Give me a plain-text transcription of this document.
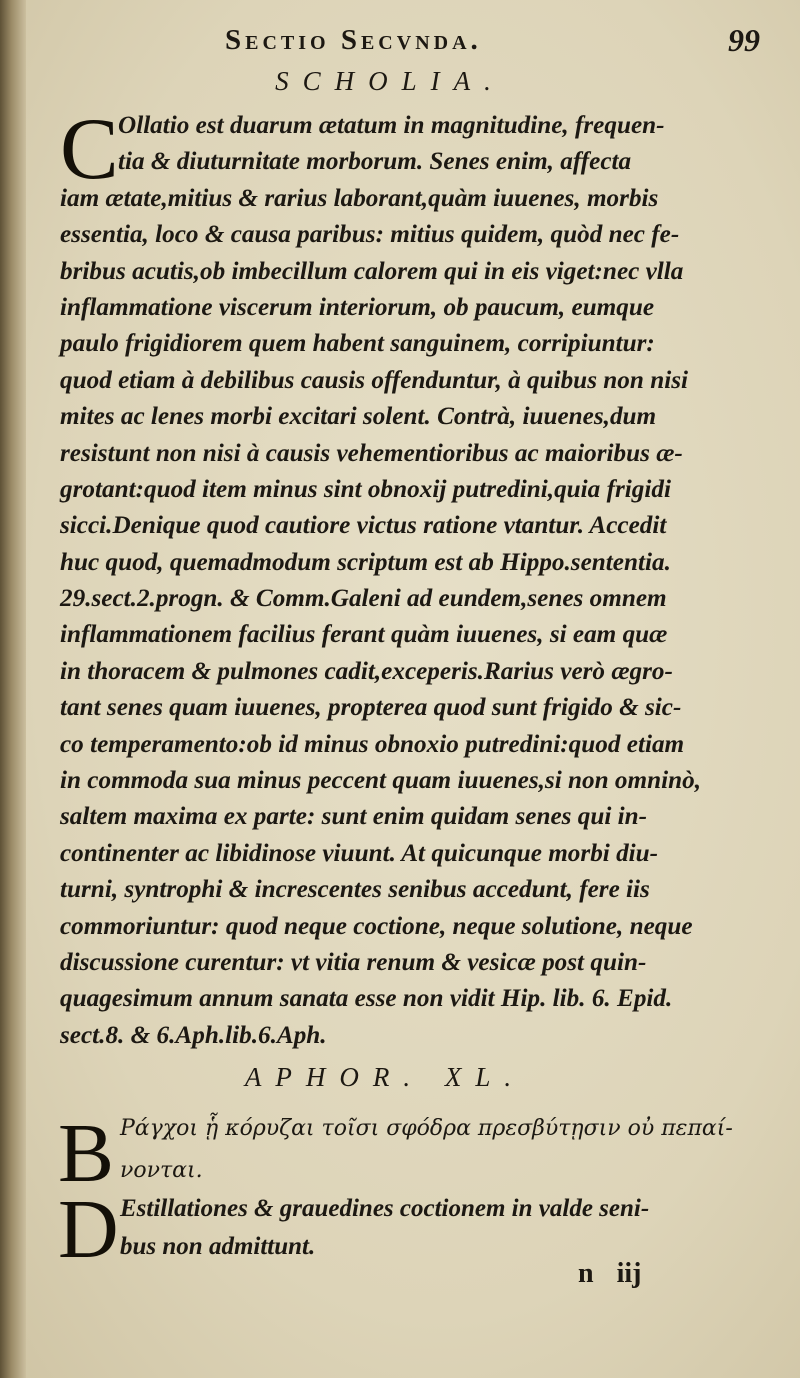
Sectio Secvnda.	99
SCHOLIA.
C Ollatio est duarum ætatum in magnitudine, frequen-
tia & diuturnitate morborum. Senes enim, affecta
iam ætate,mitius & rarius laborant,quàm iuuenes, morbis
essentia, loco & causa paribus: mitius quidem, quòd nec fe-
bribus acutis,ob imbecillum calorem qui in eis viget:nec vlla
inflammatione viscerum interiorum, ob paucum, eumque
paulo frigidiorem quem habent sanguinem, corripiuntur:
quod etiam à debilibus causis offenduntur, à quibus non nisi
mites ac lenes morbi excitari solent. Contrà, iuuenes,dum
resistunt non nisi à causis vehementioribus ac maioribus æ-
grotant:quod item minus sint obnoxij putredini,quia frigidi
sicci.Denique quod cautiore victus ratione vtantur. Accedit
huc quod, quemadmodum scriptum est ab Hippo.sententia.
29.sect.2.progn. & Comm.Galeni ad eundem,senes omnem
inflammationem facilius ferant quàm iuuenes, si eam quæ
in thoracem & pulmones cadit,exceperis.Rarius verò ægro-
tant senes quam iuuenes, propterea quod sunt frigido & sic-
co temperamento:ob id minus obnoxio putredini:quod etiam
in commoda sua minus peccent quam iuuenes,si non omninò,
saltem maxima ex parte: sunt enim quidam senes qui in-
continenter ac libidinose viuunt. At quicunque morbi diu-
turni, syntrophi & increscentes senibus accedunt, fere iis
commoriuntur: quod neque coctione, neque solutione, neque
discussione curentur: vt vitia renum & vesicæ post quin-
quagesimum annum sanata esse non vidit Hip. lib. 6. Epid.
sect.8. & 6.Aph.lib.6.Aph.
APHOR. XL.
B Ράγχοι ᾗ κόρυζαι τοῖσι σφόδρα πρεσβύτῃσιν οὐ πεπαί-
νονται.
D Estillationes & grauedines coctionem in valde seni-
bus non admittunt.
n iij
